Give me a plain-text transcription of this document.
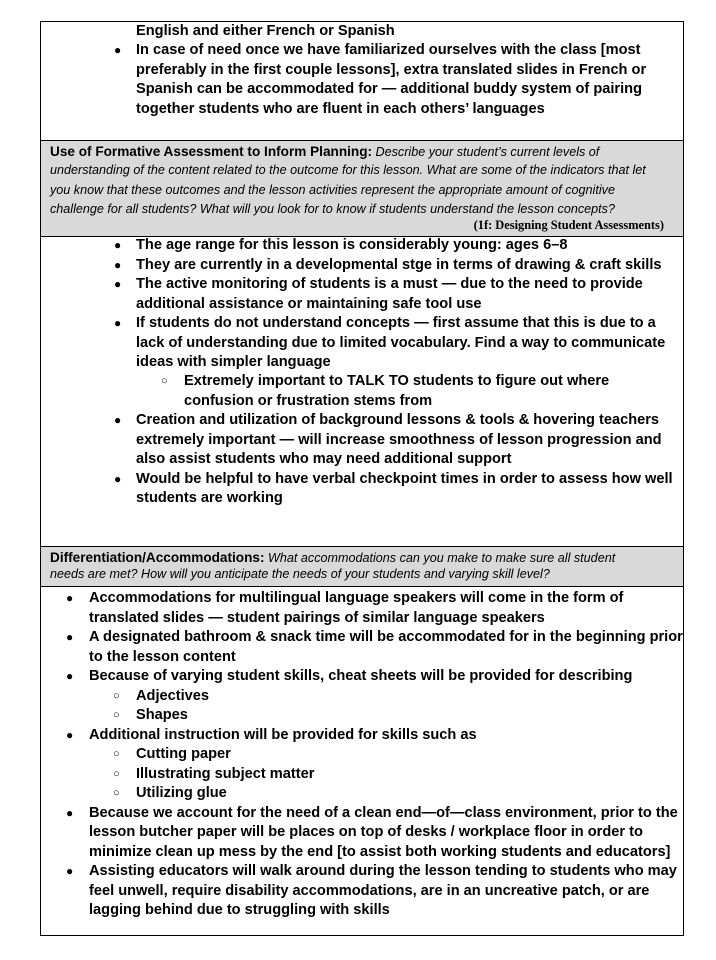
English and either French or Spanish
● In case of need once we have familiarized ourselves with the class [most
preferably in the first couple lessons], extra translated slides in French or
Spanish can be accommodated for — additional buddy system of pairing
together students who are fluent in each others’ languages
Use of Formative Assessment to Inform Planning: Describe your student’s current levels of
understanding of the content related to the outcome for this lesson. What are some of the indicators that let
you know that these outcomes and the lesson activities represent the appropriate amount of cognitive
challenge for all students? What will you look for to know if students understand the lesson concepts?
(1f: Designing Student Assessments)
● The age range for this lesson is considerably young: ages 6–8
● They are currently in a developmental stge in terms of drawing & craft skills
● The active monitoring of students is a must — due to the need to provide
additional assistance or maintaining safe tool use
● If students do not understand concepts — first assume that this is due to a
lack of understanding due to limited vocabulary. Find a way to communicate
ideas with simpler language
○ Extremely important to TALK TO students to figure out where
confusion or frustration stems from
● Creation and utilization of background lessons & tools & hovering teachers
extremely important — will increase smoothness of lesson progression and
also assist students who may need additional support
● Would be helpful to have verbal checkpoint times in order to assess how well
students are working
Differentiation/Accommodations: What accommodations can you make to make sure all student
needs are met? How will you anticipate the needs of your students and varying skill level?
● Accommodations for multilingual language speakers will come in the form of
translated slides — student pairings of similar language speakers
● A designated bathroom & snack time will be accommodated for in the beginning prior
to the lesson content
● Because of varying student skills, cheat sheets will be provided for describing
○ Adjectives
○ Shapes
● Additional instruction will be provided for skills such as
○ Cutting paper
○ Illustrating subject matter
○ Utilizing glue
● Because we account for the need of a clean end—of—class environment, prior to the
lesson butcher paper will be places on top of desks / workplace floor in order to
minimize clean up mess by the end [to assist both working students and educators]
● Assisting educators will walk around during the lesson tending to students who may
feel unwell, require disability accommodations, are in an uncreative patch, or are
lagging behind due to struggling with skills
